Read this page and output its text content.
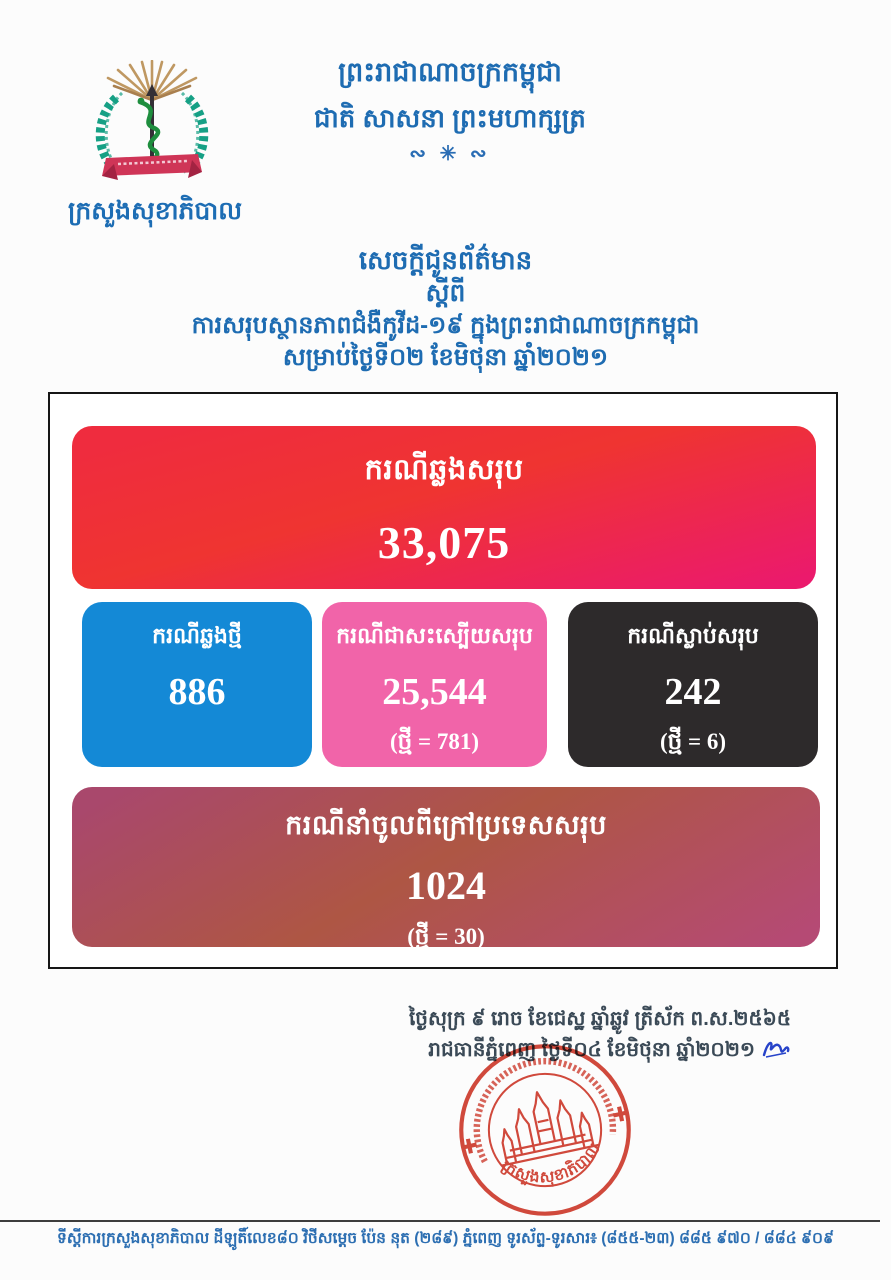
ក្រសួងសុខាភិបាល
ព្រះរាជាណាចក្រកម្ពុជា
ជាតិ សាសនា ព្រះមហាក្សត្រ
∾ ✳ ∾
សេចក្តីជូនព័ត៌មាន
ស្តីពី
ការសរុបស្ថានភាពជំងឺកូវីដ-១៩ ក្នុងព្រះរាជាណាចក្រកម្ពុជា
សម្រាប់ថ្ងៃទី០២ ខែមិថុនា ឆ្នាំ២០២១
ករណីឆ្លងសរុប
33,075
ករណីឆ្លងថ្មី
886
ករណីជាសះស្បើយសរុប
25,544
(ថ្មី = 781)
ករណីស្លាប់សរុប
242
(ថ្មី = 6)
ករណីនាំចូលពីក្រៅប្រទេសសរុប
1024
(ថ្មី = 30)
ថ្ងៃសុក្រ ៩ រោច ខែជេស្ឋ ឆ្នាំឆ្លូវ ត្រីស័ក ព.ស.២៥៦៥
រាជធានីភ្នំពេញ ថ្ងៃទី០៤ ខែមិថុនា ឆ្នាំ២០២១
ក្រសួងសុខាភិបាល
ទីស្តីការក្រសួងសុខាភិបាល ដីឡូតិ៍លេខ៨០ វិថីសម្តេច ប៉ែន នុត (២៨៩) ភ្នំពេញ ទូរស័ព្ទ-ទូរសារ៖ (៨៥៥-២៣) ៨៨៥ ៩៧០ / ៨៨៤ ៩០៩
